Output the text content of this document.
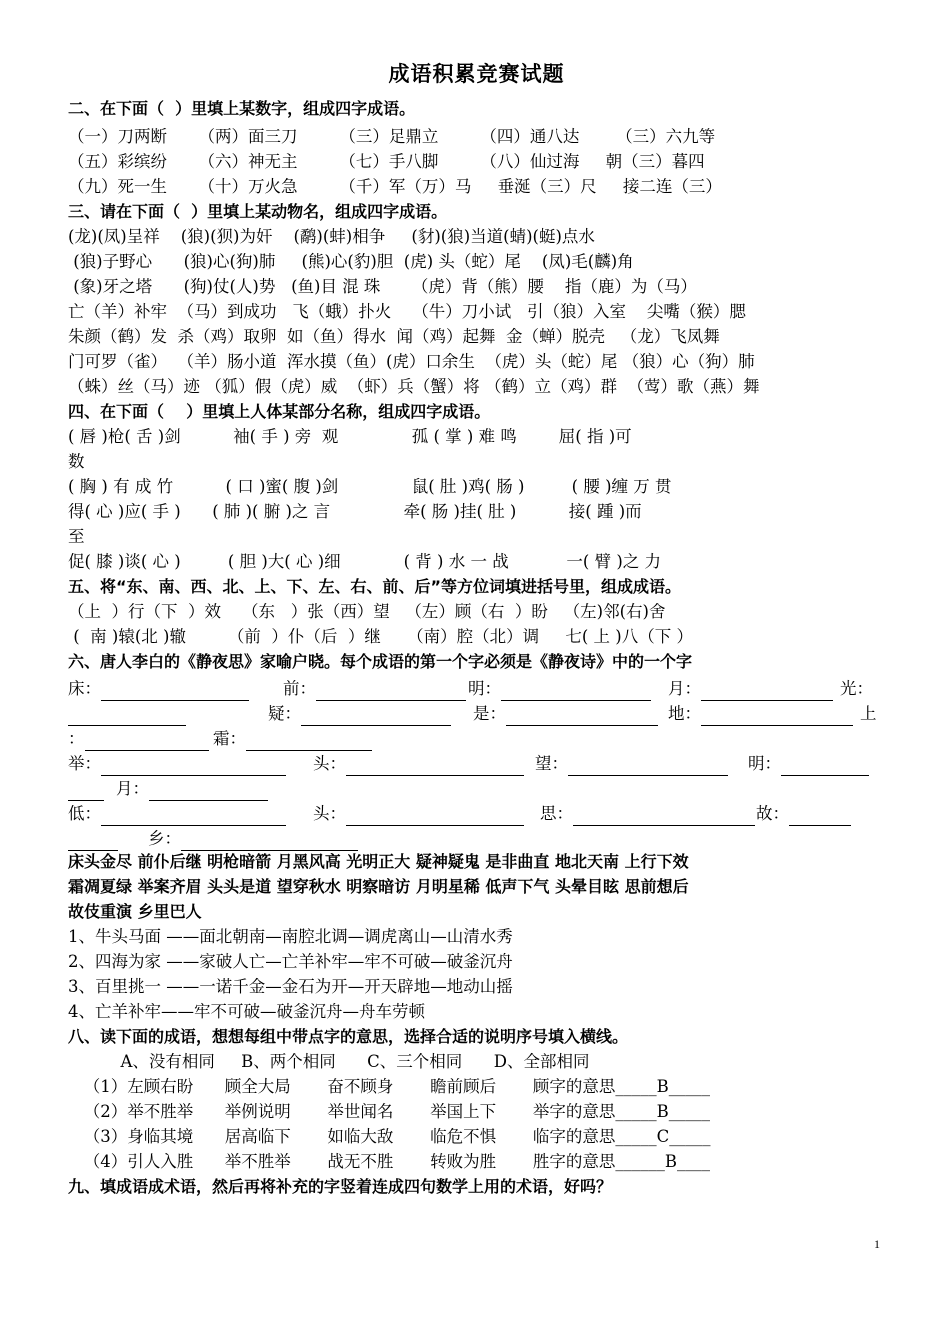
成语积累竞赛试题
二、在下面（  ）里填上某数字，组成四字成语。
（一）刀两断      （两）面三刀        （三）足鼎立        （四）通八达       （三）六九等
（五）彩缤纷      （六）神无主        （七）手八脚        （八）仙过海     朝（三）暮四
（九）死一生      （十）万火急        （千）军（万）马     垂涎（三）尺     接二连（三）
三、请在下面（  ）里填上某动物名，组成四字成语。
(龙)(凤)呈祥    (狼)(狈)为奸    (鹬)(蚌)相争     (豺)(狼)当道(蜻)(蜓)点水
(狼)子野心      (狼)心(狗)肺     (熊)心(豹)胆  (虎) 头（蛇）尾    (凤)毛(麟)角
(象)牙之塔      (狗)仗(人)势   (鱼)目 混 珠      （虎）背（熊）腰    指（鹿）为（马）
亡（羊）补牢  （马）到成功   飞（蛾）扑火    （牛）刀小试   引（狼）入室    尖嘴（猴）腮
朱颜（鹤）发  杀（鸡）取卵  如（鱼）得水  闻（鸡）起舞  金（蝉）脱壳   （龙）飞凤舞
门可罗（雀）  （羊）肠小道  浑水摸（鱼）(虎）口余生  （虎）头（蛇）尾 （狼）心（狗）肺
（蛛）丝（马）迹 （狐）假（虎）威  （虾）兵（蟹）将 （鹤）立（鸡）群  （莺）歌（燕）舞
四、在下面（    ）里填上人体某部分名称，组成四字成语。
( 唇 )枪( 舌 )剑          袖( 手 ) 旁  观              孤 ( 掌 ) 难 鸣        屈( 指 )可
数
( 胸 ) 有 成 竹          ( 口 )蜜( 腹 )剑              鼠( 肚 )鸡( 肠 )         ( 腰 )缠 万 贯
得( 心 )应( 手 )      ( 肺 )( 腑 )之 言              牵( 肠 )挂( 肚 )          接( 踵 )而
至
促( 膝 )谈( 心 )         ( 胆 )大( 心 )细            ( 背 ) 水 一 战           一( 臂 )之 力
五、将“东、南、西、北、上、下、左、右、前、后”等方位词填进括号里，组成成语。
（上  ）行（下  ）效    （东   ）张（西）望   （左）顾（右  ）盼   （左)邻(右)舍
(  南 )辕(北 )辙        （前  ）仆（后  ）继     （南）腔（北）调     七( 上 )八（下 ）
六、唐人李白的《静夜思》家喻户晓。每个成语的第一个字必须是《静夜诗》中的一个字
床：	前：	明：	月：	光：
疑：	是：	地：	上
：	霜：
举：	头：	望：	明：
月：
低：	头：	思：	故：
乡：
床头金尽 前仆后继 明枪暗箭 月黑风高 光明正大 疑神疑鬼 是非曲直 地北天南 上行下效
霜凋夏绿 举案齐眉 头头是道 望穿秋水 明察暗访 月明星稀 低声下气 头晕目眩 思前想后
故伎重演 乡里巴人
1、牛头马面 ——面北朝南—南腔北调—调虎离山—山清水秀
2、四海为家 ——家破人亡—亡羊补牢—牢不可破—破釜沉舟
3、百里挑一 ——一诺千金—金石为开—开天辟地—地动山摇
4、亡羊补牢——牢不可破—破釜沉舟—舟车劳顿
八、读下面的成语，想想每组中带点字的意思，选择合适的说明序号填入横线。
A、没有相同     B、两个相同      C、三个相同      D、全部相同
（1）左顾右盼      顾全大局       奋不顾身       瞻前顾后       顾字的意思_____B_____
（2）举不胜举      举例说明       举世闻名       举国上下       举字的意思_____B_____
（3）身临其境      居高临下       如临大敌       临危不惧       临字的意思_____C_____
（4）引人入胜      举不胜举       战无不胜       转败为胜       胜字的意思______B____
九、填成语成术语，然后再将补充的字竖着连成四句数学上用的术语，好吗？
1
